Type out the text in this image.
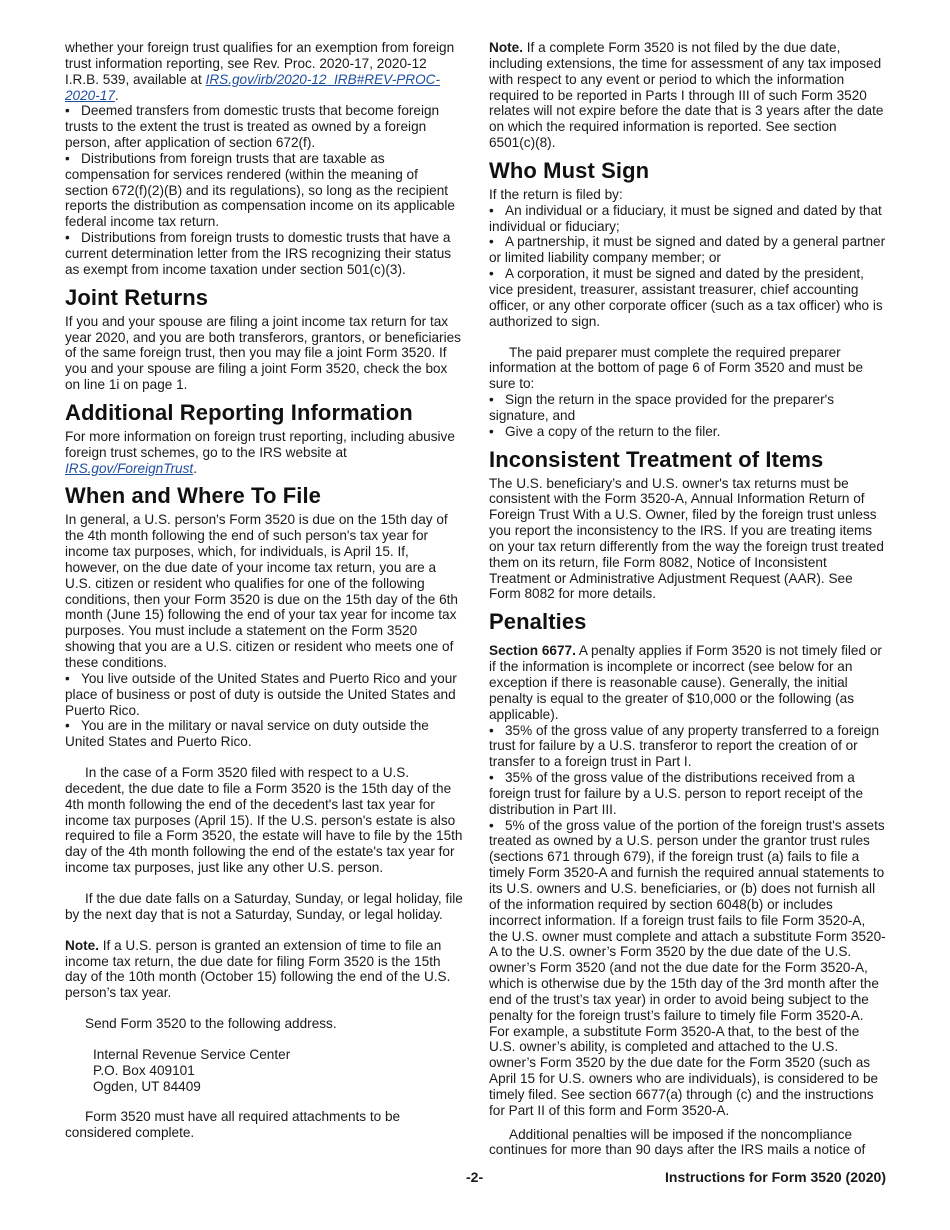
whether your foreign trust qualifies for an exemption from foreign trust information reporting, see Rev. Proc. 2020-17, 2020-12 I.R.B. 539, available at IRS.gov/irb/2020-12_IRB#REV-PROC-2020-17.

• Deemed transfers from domestic trusts that become foreign trusts to the extent the trust is treated as owned by a foreign person, after application of section 672(f).

• Distributions from foreign trusts that are taxable as compensation for services rendered (within the meaning of section 672(f)(2)(B) and its regulations), so long as the recipient reports the distribution as compensation income on its applicable federal income tax return.

• Distributions from foreign trusts to domestic trusts that have a current determination letter from the IRS recognizing their status as exempt from income taxation under section 501(c)(3).

Joint Returns

If you and your spouse are filing a joint income tax return for tax year 2020, and you are both transferors, grantors, or beneficiaries of the same foreign trust, then you may file a joint Form 3520. If you and your spouse are filing a joint Form 3520, check the box on line 1i on page 1.

Additional Reporting Information

For more information on foreign trust reporting, including abusive foreign trust schemes, go to the IRS website at IRS.gov/ForeignTrust.

When and Where To File

In general, a U.S. person's Form 3520 is due on the 15th day of the 4th month following the end of such person's tax year for income tax purposes, which, for individuals, is April 15. If, however, on the due date of your income tax return, you are a U.S. citizen or resident who qualifies for one of the following conditions, then your Form 3520 is due on the 15th day of the 6th month (June 15) following the end of your tax year for income tax purposes. You must include a statement on the Form 3520 showing that you are a U.S. citizen or resident who meets one of these conditions.

• You live outside of the United States and Puerto Rico and your place of business or post of duty is outside the United States and Puerto Rico.

• You are in the military or naval service on duty outside the United States and Puerto Rico.

In the case of a Form 3520 filed with respect to a U.S. decedent, the due date to file a Form 3520 is the 15th day of the 4th month following the end of the decedent's last tax year for income tax purposes (April 15). If the U.S. person's estate is also required to file a Form 3520, the estate will have to file by the 15th day of the 4th month following the end of the estate's tax year for income tax purposes, just like any other U.S. person.

If the due date falls on a Saturday, Sunday, or legal holiday, file by the next day that is not a Saturday, Sunday, or legal holiday.

Note. If a U.S. person is granted an extension of time to file an income tax return, the due date for filing Form 3520 is the 15th day of the 10th month (October 15) following the end of the U.S. person’s tax year.

Send Form 3520 to the following address.

Internal Revenue Service Center

P.O. Box 409101

Ogden, UT 84409

Form 3520 must have all required attachments to be considered complete.

Note. If a complete Form 3520 is not filed by the due date, including extensions, the time for assessment of any tax imposed with respect to any event or period to which the information required to be reported in Parts I through III of such Form 3520 relates will not expire before the date that is 3 years after the date on which the required information is reported. See section 6501(c)(8).

Who Must Sign

If the return is filed by:

• An individual or a fiduciary, it must be signed and dated by that individual or fiduciary;

• A partnership, it must be signed and dated by a general partner or limited liability company member; or

• A corporation, it must be signed and dated by the president, vice president, treasurer, assistant treasurer, chief accounting officer, or any other corporate officer (such as a tax officer) who is authorized to sign.

The paid preparer must complete the required preparer information at the bottom of page 6 of Form 3520 and must be sure to:

• Sign the return in the space provided for the preparer's signature, and

• Give a copy of the return to the filer.

Inconsistent Treatment of Items

The U.S. beneficiary’s and U.S. owner's tax returns must be consistent with the Form 3520-A, Annual Information Return of Foreign Trust With a U.S. Owner, filed by the foreign trust unless you report the inconsistency to the IRS. If you are treating items on your tax return differently from the way the foreign trust treated them on its return, file Form 8082, Notice of Inconsistent Treatment or Administrative Adjustment Request (AAR). See Form 8082 for more details.

Penalties

Section 6677. A penalty applies if Form 3520 is not timely filed or if the information is incomplete or incorrect (see below for an exception if there is reasonable cause). Generally, the initial penalty is equal to the greater of $10,000 or the following (as applicable).

• 35% of the gross value of any property transferred to a foreign trust for failure by a U.S. transferor to report the creation of or transfer to a foreign trust in Part I.

• 35% of the gross value of the distributions received from a foreign trust for failure by a U.S. person to report receipt of the distribution in Part III.

• 5% of the gross value of the portion of the foreign trust's assets treated as owned by a U.S. person under the grantor trust rules (sections 671 through 679), if the foreign trust (a) fails to file a timely Form 3520-A and furnish the required annual statements to its U.S. owners and U.S. beneficiaries, or (b) does not furnish all of the information required by section 6048(b) or includes incorrect information. If a foreign trust fails to file Form 3520-A, the U.S. owner must complete and attach a substitute Form 3520-A to the U.S. owner’s Form 3520 by the due date of the U.S. owner’s Form 3520 (and not the due date for the Form 3520-A, which is otherwise due by the 15th day of the 3rd month after the end of the trust’s tax year) in order to avoid being subject to the penalty for the foreign trust’s failure to timely file Form 3520-A. For example, a substitute Form 3520-A that, to the best of the U.S. owner’s ability, is completed and attached to the U.S. owner’s Form 3520 by the due date for the Form 3520 (such as April 15 for U.S. owners who are individuals), is considered to be timely filed. See section 6677(a) through (c) and the instructions for Part II of this form and Form 3520-A.

Additional penalties will be imposed if the noncompliance continues for more than 90 days after the IRS mails a notice of

-2-	Instructions for Form 3520 (2020)
